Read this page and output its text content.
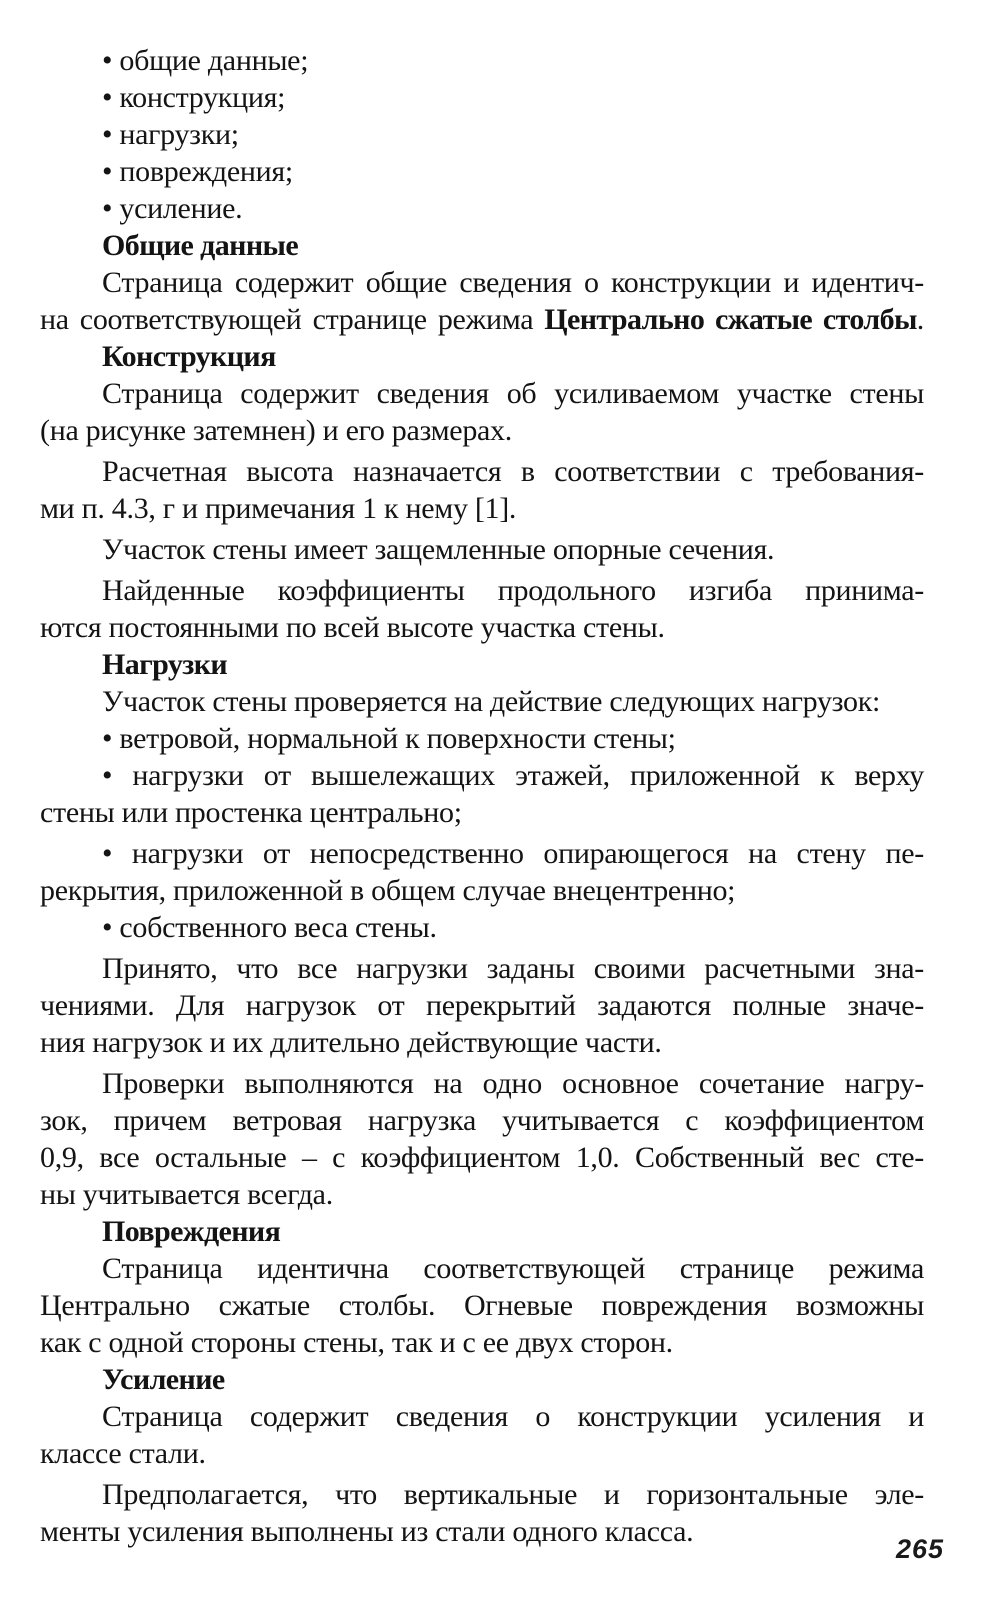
• общие данные;
• конструкция;
• нагрузки;
• повреждения;
• усиление.
Общие данные
Страница содержит общие сведения о конструкции и идентич-
на соответствующей странице режима Центрально сжатые столбы.
Конструкция
Страница содержит сведения об усиливаемом участке стены
(на рисунке затемнен) и его размерах.
Расчетная высота назначается в соответствии с требования-
ми п. 4.3, г и примечания 1 к нему [1].
Участок стены имеет защемленные опорные сечения.
Найденные коэффициенты продольного изгиба принима-
ются постоянными по всей высоте участка стены.
Нагрузки
Участок стены проверяется на действие следующих нагрузок:
• ветровой, нормальной к поверхности стены;
• нагрузки от вышележащих этажей, приложенной к верху
стены или простенка центрально;
• нагрузки от непосредственно опирающегося на стену пе-
рекрытия, приложенной в общем случае внецентренно;
• собственного веса стены.
Принято, что все нагрузки заданы своими расчетными зна-
чениями. Для нагрузок от перекрытий задаются полные значе-
ния нагрузок и их длительно действующие части.
Проверки выполняются на одно основное сочетание нагру-
зок, причем ветровая нагрузка учитывается с коэффициентом
0,9, все остальные – с коэффициентом 1,0. Собственный вес сте-
ны учитывается всегда.
Повреждения
Страница идентична соответствующей странице режима
Центрально сжатые столбы. Огневые повреждения возможны
как с одной стороны стены, так и с ее двух сторон.
Усиление
Страница содержит сведения о конструкции усиления и
классе стали.
Предполагается, что вертикальные и горизонтальные эле-
менты усиления выполнены из стали одного класса.
265
